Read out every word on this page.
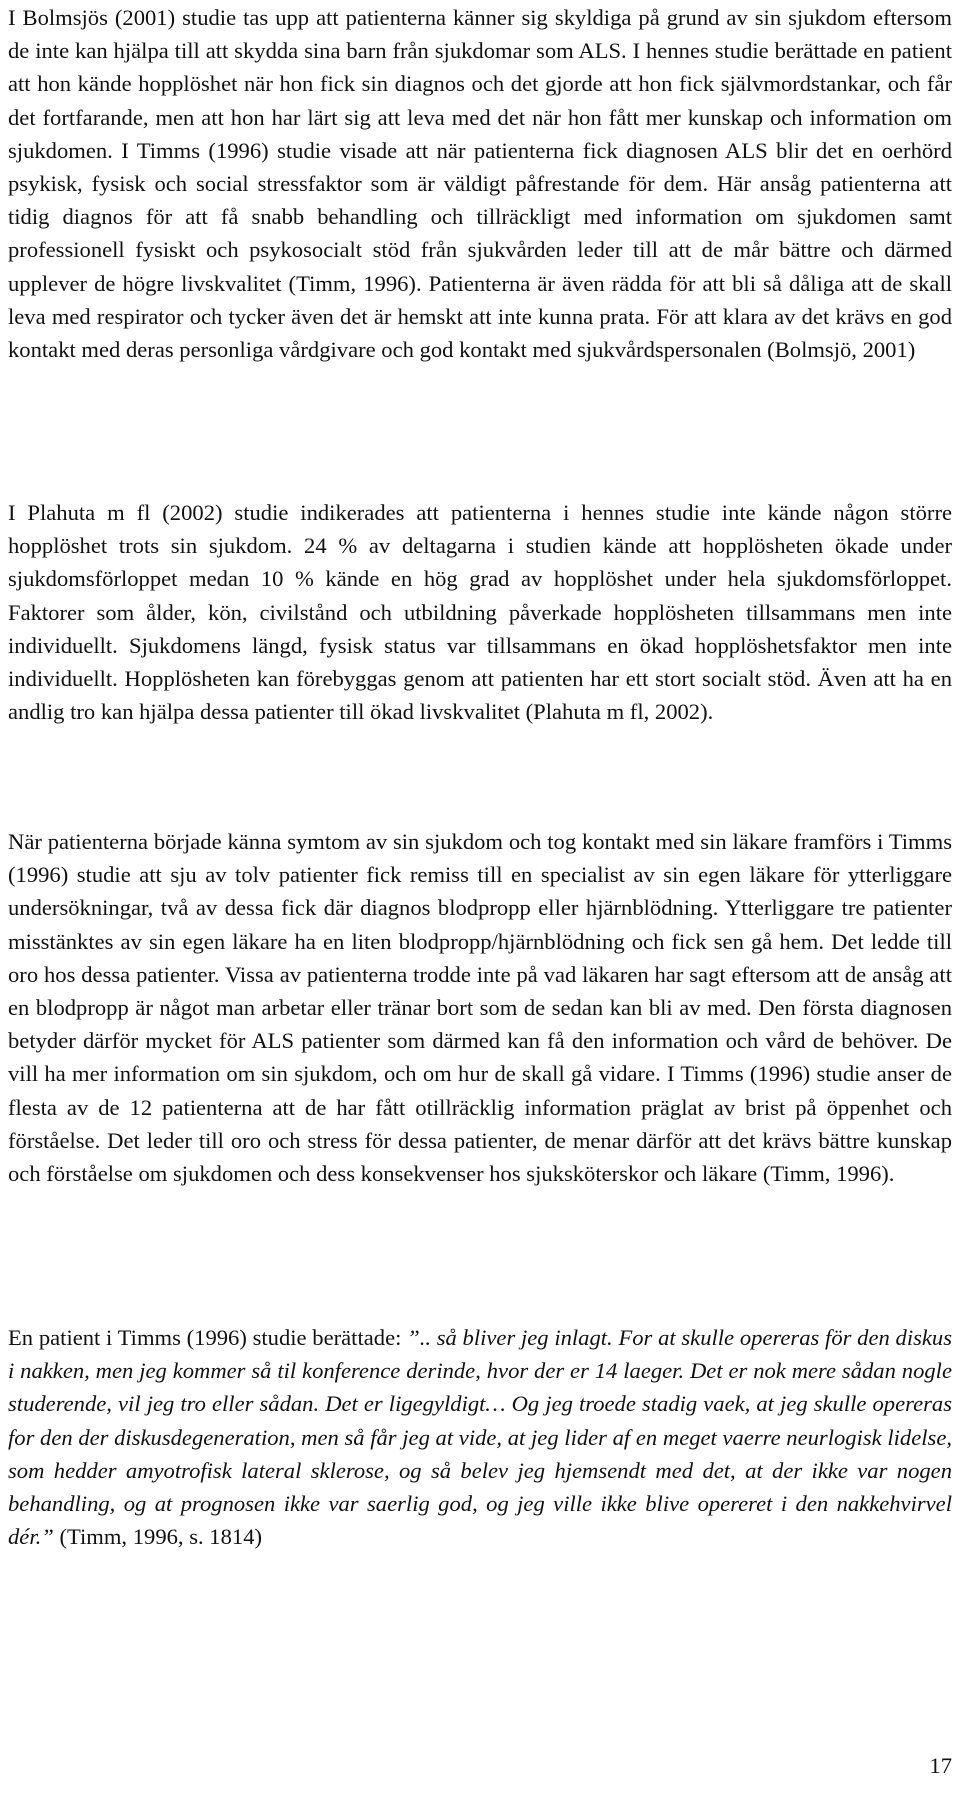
I Bolmsjös (2001) studie tas upp att patienterna känner sig skyldiga på grund av sin sjukdom eftersom de inte kan hjälpa till att skydda sina barn från sjukdomar som ALS. I hennes studie berättade en patient att hon kände hopplöshet när hon fick sin diagnos och det gjorde att hon fick självmordstankar, och får det fortfarande, men att hon har lärt sig att leva med det när hon fått mer kunskap och information om sjukdomen. I Timms (1996) studie visade att när patienterna fick diagnosen ALS blir det en oerhörd psykisk, fysisk och social stressfaktor som är väldigt påfrestande för dem. Här ansåg patienterna att tidig diagnos för att få snabb behandling och tillräckligt med information om sjukdomen samt professionell fysiskt och psykosocialt stöd från sjukvården leder till att de mår bättre och därmed upplever de högre livskvalitet (Timm, 1996). Patienterna är även rädda för att bli så dåliga att de skall leva med respirator och tycker även det är hemskt att inte kunna prata. För att klara av det krävs en god kontakt med deras personliga vårdgivare och god kontakt med sjukvårdspersonalen (Bolmsjö, 2001)

I Plahuta m fl (2002) studie indikerades att patienterna i hennes studie inte kände någon större hopplöshet trots sin sjukdom. 24 % av deltagarna i studien kände att hopplösheten ökade under sjukdomsförloppet medan 10 % kände en hög grad av hopplöshet under hela sjukdomsförloppet. Faktorer som ålder, kön, civilstånd och utbildning påverkade hopplösheten tillsammans men inte individuellt. Sjukdomens längd, fysisk status var tillsammans en ökad hopplöshetsfaktor men inte individuellt. Hopplösheten kan förebyggas genom att patienten har ett stort socialt stöd. Även att ha en andlig tro kan hjälpa dessa patienter till ökad livskvalitet (Plahuta m fl, 2002).

När patienterna började känna symtom av sin sjukdom och tog kontakt med sin läkare framförs i Timms (1996) studie att sju av tolv patienter fick remiss till en specialist av sin egen läkare för ytterliggare undersökningar, två av dessa fick där diagnos blodpropp eller hjärnblödning. Ytterliggare tre patienter misstänktes av sin egen läkare ha en liten blodpropp/hjärnblödning och fick sen gå hem. Det ledde till oro hos dessa patienter. Vissa av patienterna trodde inte på vad läkaren har sagt eftersom att de ansåg att en blodpropp är något man arbetar eller tränar bort som de sedan kan bli av med. Den första diagnosen betyder därför mycket för ALS patienter som därmed kan få den information och vård de behöver. De vill ha mer information om sin sjukdom, och om hur de skall gå vidare. I Timms (1996) studie anser de flesta av de 12 patienterna att de har fått otillräcklig information präglat av brist på öppenhet och förståelse. Det leder till oro och stress för dessa patienter, de menar därför att det krävs bättre kunskap och förståelse om sjukdomen och dess konsekvenser hos sjuksköterskor och läkare (Timm, 1996).

En patient i Timms (1996) studie berättade: ”.. så bliver jeg inlagt. For at skulle opereras för den diskus i nakken, men jeg kommer så til konference derinde, hvor der er 14 laeger. Det er nok mere sådan nogle studerende, vil jeg tro eller sådan. Det er ligegyldigt… Og jeg troede stadig vaek, at jeg skulle opereras for den der diskusdegeneration, men så får jeg at vide, at jeg lider af en meget vaerre neurlogisk lidelse, som hedder amyotrofisk lateral sklerose, og så belev jeg hjemsendt med det, at der ikke var nogen behandling, og at prognosen ikke var saerlig god, og jeg ville ikke blive opereret i den nakkehvirvel dér.” (Timm, 1996, s. 1814)

17
